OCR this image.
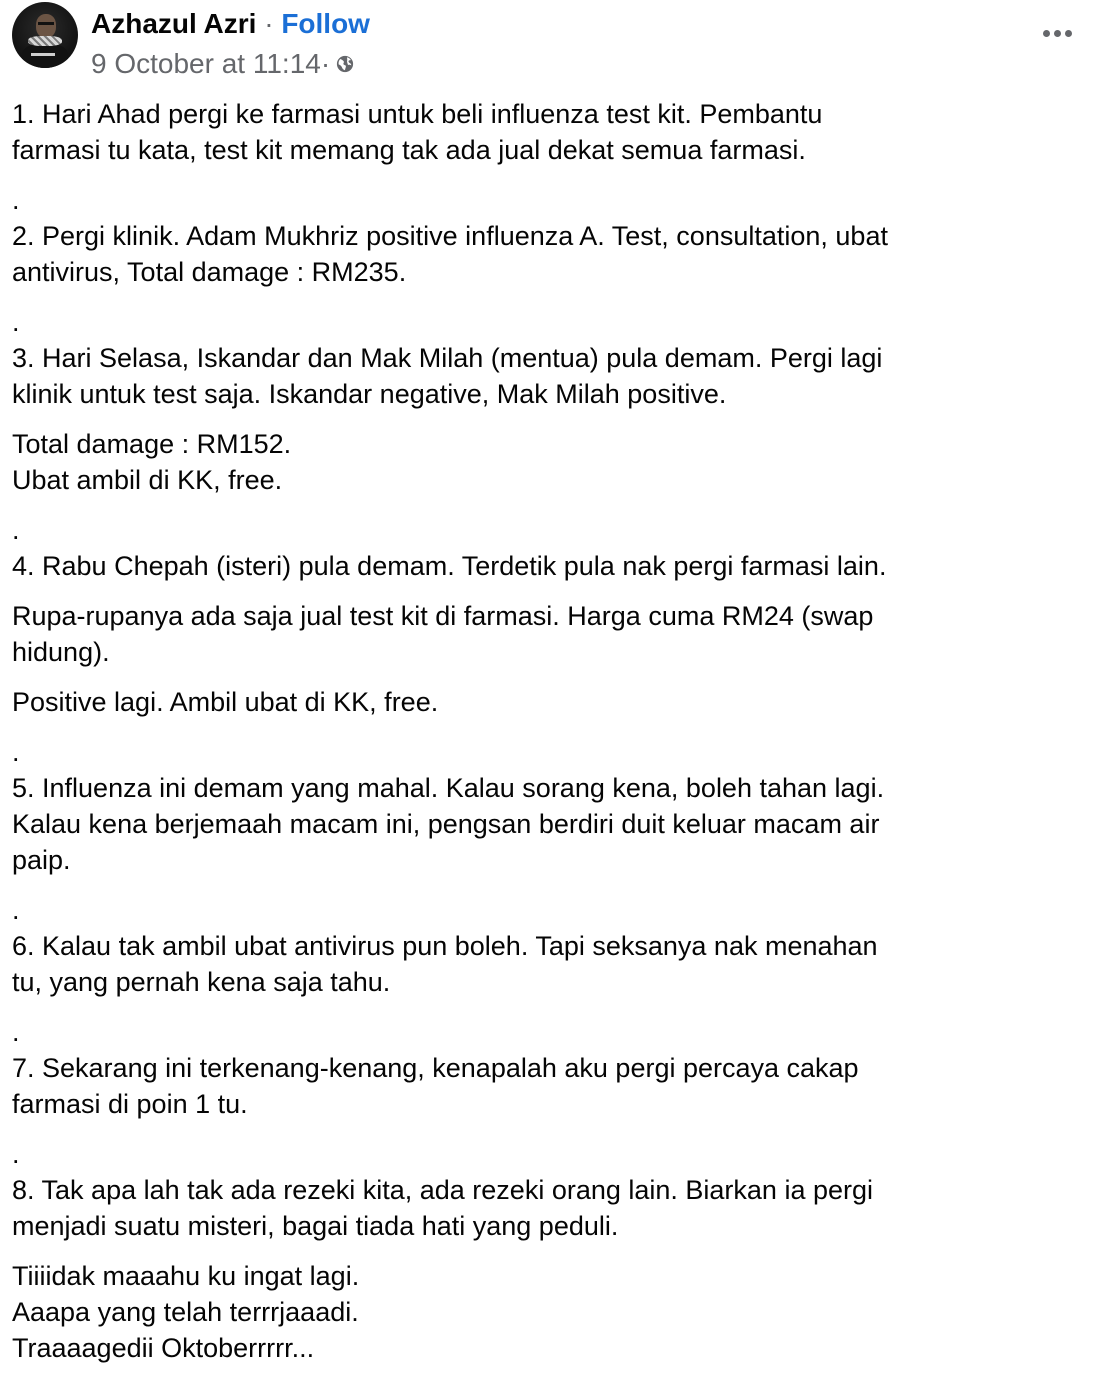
Azhazul Azri · Follow
9 October at 11:14 ·
1. Hari Ahad pergi ke farmasi untuk beli influenza test kit. Pembantu
farmasi tu kata, test kit memang tak ada jual dekat semua farmasi.
.
2. Pergi klinik. Adam Mukhriz positive influenza A. Test, consultation, ubat
antivirus, Total damage : RM235.
.
3. Hari Selasa, Iskandar dan Mak Milah (mentua) pula demam. Pergi lagi
klinik untuk test saja. Iskandar negative, Mak Milah positive.
Total damage : RM152.
Ubat ambil di KK, free.
.
4. Rabu Chepah (isteri) pula demam. Terdetik pula nak pergi farmasi lain.
Rupa-rupanya ada saja jual test kit di farmasi. Harga cuma RM24 (swap
hidung).
Positive lagi. Ambil ubat di KK, free.
.
5. Influenza ini demam yang mahal. Kalau sorang kena, boleh tahan lagi.
Kalau kena berjemaah macam ini, pengsan berdiri duit keluar macam air
paip.
.
6. Kalau tak ambil ubat antivirus pun boleh. Tapi seksanya nak menahan
tu, yang pernah kena saja tahu.
.
7. Sekarang ini terkenang-kenang, kenapalah aku pergi percaya cakap
farmasi di poin 1 tu.
.
8. Tak apa lah tak ada rezeki kita, ada rezeki orang lain. Biarkan ia pergi
menjadi suatu misteri, bagai tiada hati yang peduli.
Tiiiidak maaahu ku ingat lagi.
Aaapa yang telah terrrjaaadi.
Traaaagedii Oktoberrrrr...
